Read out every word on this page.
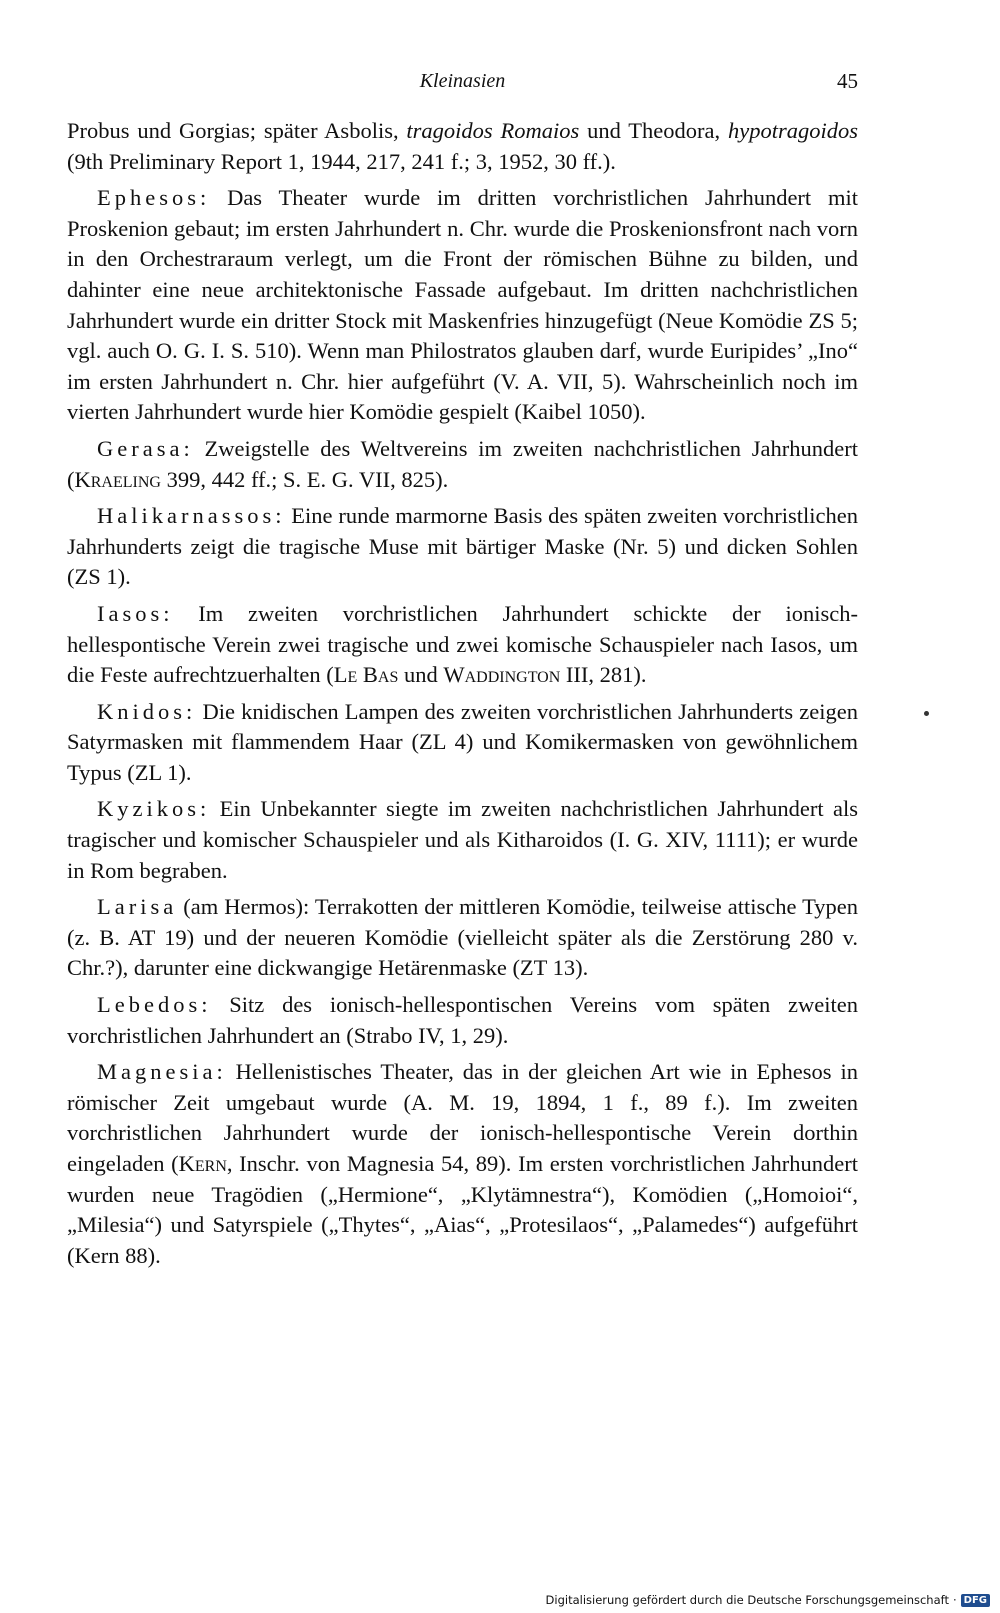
Kleinasien	45

Probus und Gorgias; später Asbolis, tragoidos Romaios und Theodora, hypotragoidos (9th Preliminary Report 1, 1944, 217, 241 f.; 3, 1952, 30 ff.).

Ephesos: Das Theater wurde im dritten vorchristlichen Jahrhundert mit Proskenion gebaut; im ersten Jahrhundert n. Chr. wurde die Proskenionsfront nach vorn in den Orchestraraum verlegt, um die Front der römischen Bühne zu bilden, und dahinter eine neue architektonische Fassade aufgebaut. Im dritten nachchristlichen Jahrhundert wurde ein dritter Stock mit Maskenfries hinzugefügt (Neue Komödie ZS 5; vgl. auch O. G. I. S. 510). Wenn man Philostratos glauben darf, wurde Euripides’ „Ino“ im ersten Jahrhundert n. Chr. hier aufgeführt (V. A. VII, 5). Wahrscheinlich noch im vierten Jahrhundert wurde hier Komödie gespielt (Kaibel 1050).

Gerasa: Zweigstelle des Weltvereins im zweiten nachchristlichen Jahrhundert (Kraeling 399, 442 ff.; S. E. G. VII, 825).

Halikarnassos: Eine runde marmorne Basis des späten zweiten vorchristlichen Jahrhunderts zeigt die tragische Muse mit bärtiger Maske (Nr. 5) und dicken Sohlen (ZS 1).

Iasos: Im zweiten vorchristlichen Jahrhundert schickte der ionisch-hellespontische Verein zwei tragische und zwei komische Schauspieler nach Iasos, um die Feste aufrechtzuerhalten (Le Bas und Waddington III, 281).

Knidos: Die knidischen Lampen des zweiten vorchristlichen Jahrhunderts zeigen Satyrmasken mit flammendem Haar (ZL 4) und Komikermasken von gewöhnlichem Typus (ZL 1).

Kyzikos: Ein Unbekannter siegte im zweiten nachchristlichen Jahrhundert als tragischer und komischer Schauspieler und als Kitharoidos (I. G. XIV, 1111); er wurde in Rom begraben.

Larisa (am Hermos): Terrakotten der mittleren Komödie, teilweise attische Typen (z. B. AT 19) und der neueren Komödie (vielleicht später als die Zerstörung 280 v. Chr.?), darunter eine dickwangige Hetärenmaske (ZT 13).

Lebedos: Sitz des ionisch-hellespontischen Vereins vom späten zweiten vorchristlichen Jahrhundert an (Strabo IV, 1, 29).

Magnesia: Hellenistisches Theater, das in der gleichen Art wie in Ephesos in römischer Zeit umgebaut wurde (A. M. 19, 1894, 1 f., 89 f.). Im zweiten vorchristlichen Jahrhundert wurde der ionisch-hellespontische Verein dorthin eingeladen (Kern, Inschr. von Magnesia 54, 89). Im ersten vorchristlichen Jahrhundert wurden neue Tragödien („Hermione“, „Klytämnestra“), Komödien („Homoioi“, „Milesia“) und Satyrspiele („Thytes“, „Aias“, „Protesilaos“, „Palamedes“) aufgeführt (Kern 88).

Digitalisierung gefördert durch die Deutsche Forschungsgemeinschaft · DFG
